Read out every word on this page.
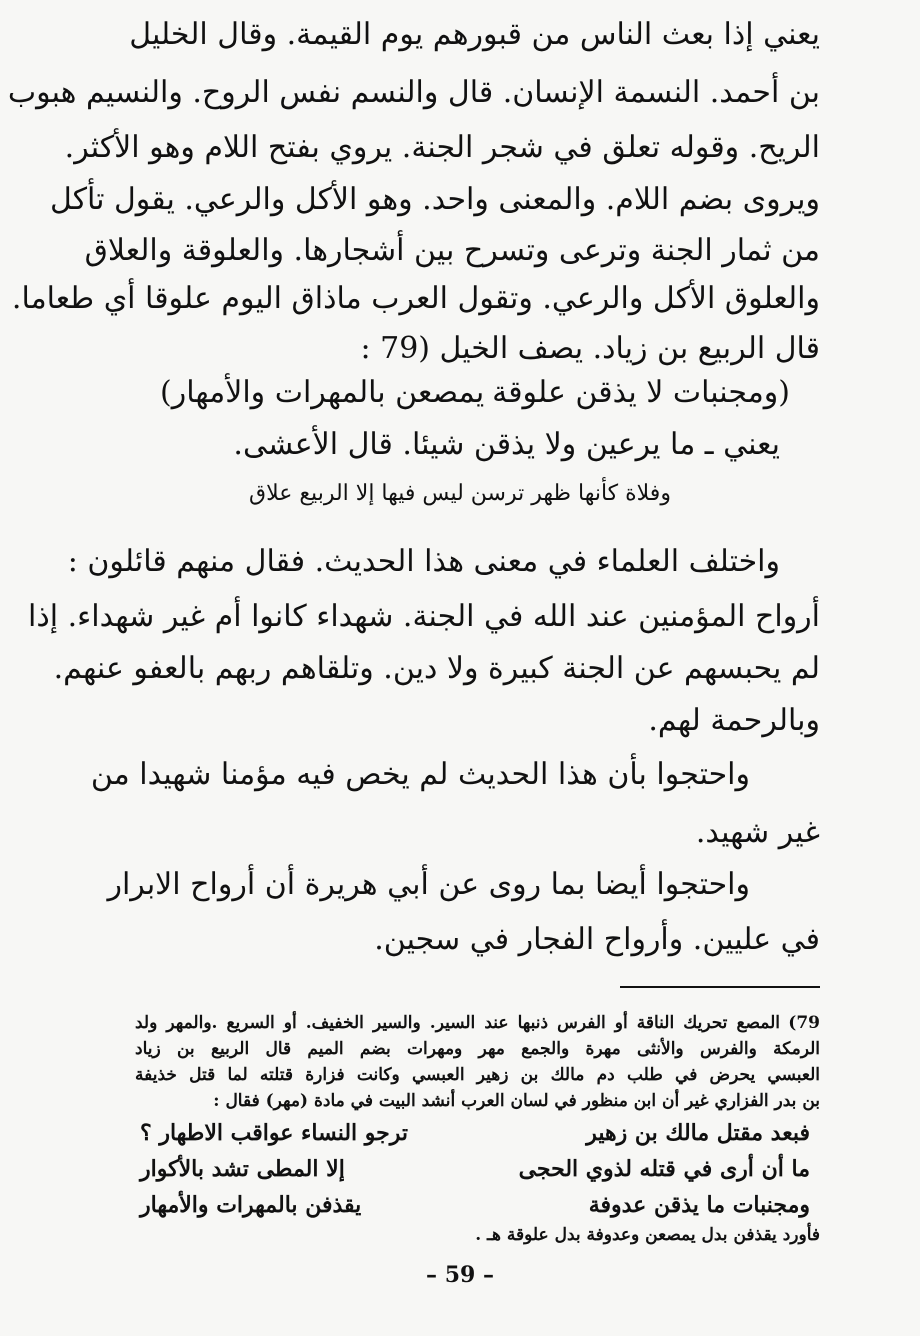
يعني إذا بعث الناس من قبورهم يوم القيمة. وقال الخليل
بن أحمد. النسمة الإنسان. قال والنسم نفس الروح. والنسيم هبوب
الريح. وقوله تعلق في شجر الجنة. يروي بفتح اللام وهو الأكثر.
ويروى بضم اللام. والمعنى واحد. وهو الأكل والرعي. يقول تأكل
من ثمار الجنة وترعى وتسرح بين أشجارها. والعلوقة والعلاق
والعلوق الأكل والرعي. وتقول العرب ماذاق اليوم علوقا أي طعاما.
قال الربيع بن زياد. يصف الخيل (79 :
(ومجنبات لا يذقن علوقة
يمصعن بالمهرات والأمهار)
يعني ـ ما يرعين ولا يذقن شيئا. قال الأعشى.
وفلاة كأنها ظهر ترسن ليس فيها إلا الربيع علاق
واختلف العلماء في معنى هذا الحديث. فقال منهم قائلون :
أرواح المؤمنين عند الله في الجنة. شهداء كانوا أم غير شهداء. إذا
لم يحبسهم عن الجنة كبيرة ولا دين. وتلقاهم ربهم بالعفو عنهم.
وبالرحمة لهم.
واحتجوا بأن هذا الحديث لم يخص فيه مؤمنا شهيدا من
غير شهيد.
واحتجوا أيضا بما روى عن أبي هريرة أن أرواح الابرار
في عليين. وأرواح الفجار في سجين.
79)
المصع تحريك الناقة أو الفرس ذنبها عند السير. والسير الخفيف. أو السريع .والمهر ولد
الرمكة والفرس والأنثى مهرة والجمع مهر ومهرات بضم الميم قال الربيع بن زياد
العبسي يحرض في طلب دم مالك بن زهير العبسي وكانت فزارة قتلته لما قتل خذيفة
بن بدر الفزاري غير أن ابن منظور في لسان العرب أنشد البيت في مادة (مهر) فقال :
فبعد مقتل مالك بن زهير
ترجو النساء عواقب الاطهار ؟
ما أن أرى في قتله لذوي الحجى
إلا المطى تشد بالأكوار
ومجنبات ما يذقن عدوفة
يقذفن بالمهرات والأمهار
فأورد يقذفن بدل يمصعن وعدوفة بدل علوقة هـ .
– 59 –
